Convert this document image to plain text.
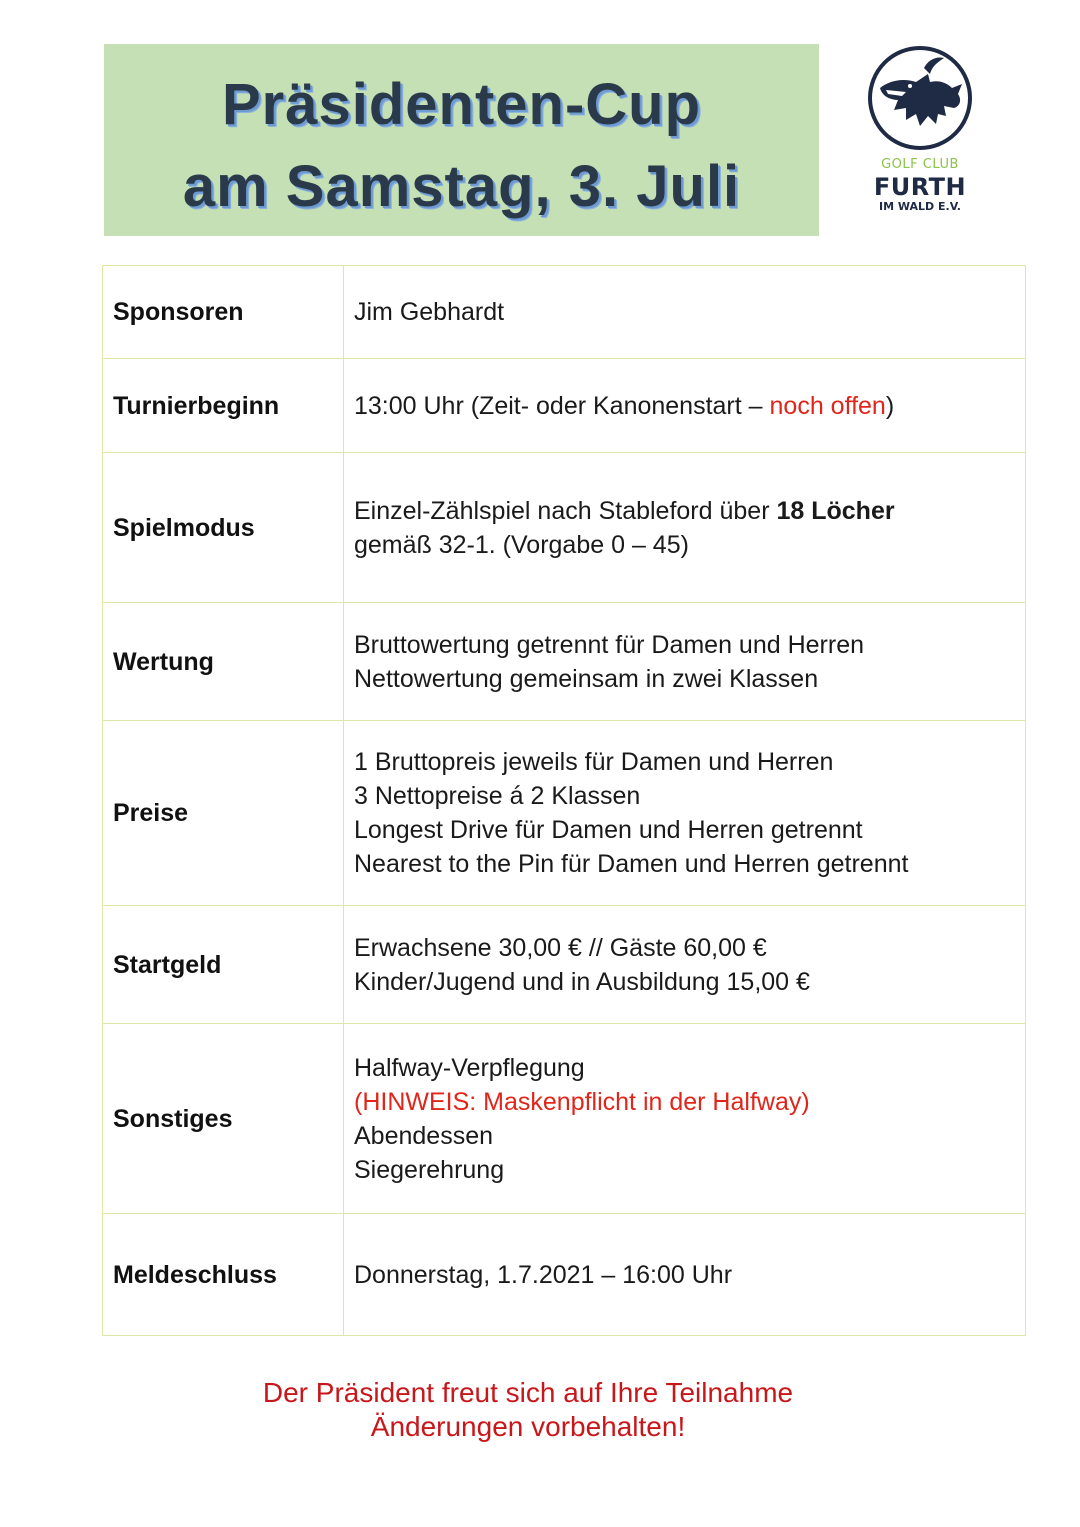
Präsidenten-Cup
am Samstag, 3. Juli	GOLF CLUB
FURTH
IM WALD E.V.
Sponsoren	Jim Gebhardt
Turnierbeginn	13:00 Uhr (Zeit- oder Kanonenstart – noch offen)
Spielmodus	Einzel-Zählspiel nach Stableford über 18 Löcher
gemäß 32-1. (Vorgabe 0 – 45)

Wertung	Bruttowertung getrennt für Damen und Herren
Nettowertung gemeinsam in zwei Klassen

Preise	1 Bruttopreis jeweils für Damen und Herren
3 Nettopreise á 2 Klassen
Longest Drive für Damen und Herren getrennt
Nearest to the Pin für Damen und Herren getrennt

Startgeld	Erwachsene 30,00 € // Gäste 60,00 €
Kinder/Jugend und in Ausbildung 15,00 €

Sonstiges	Halfway-Verpflegung
(HINWEIS: Maskenpflicht in der Halfway)
Abendessen
Siegerehrung

Meldeschluss	Donnerstag, 1.7.2021 – 16:00 Uhr
Der Präsident freut sich auf Ihre Teilnahme
Änderungen vorbehalten!
